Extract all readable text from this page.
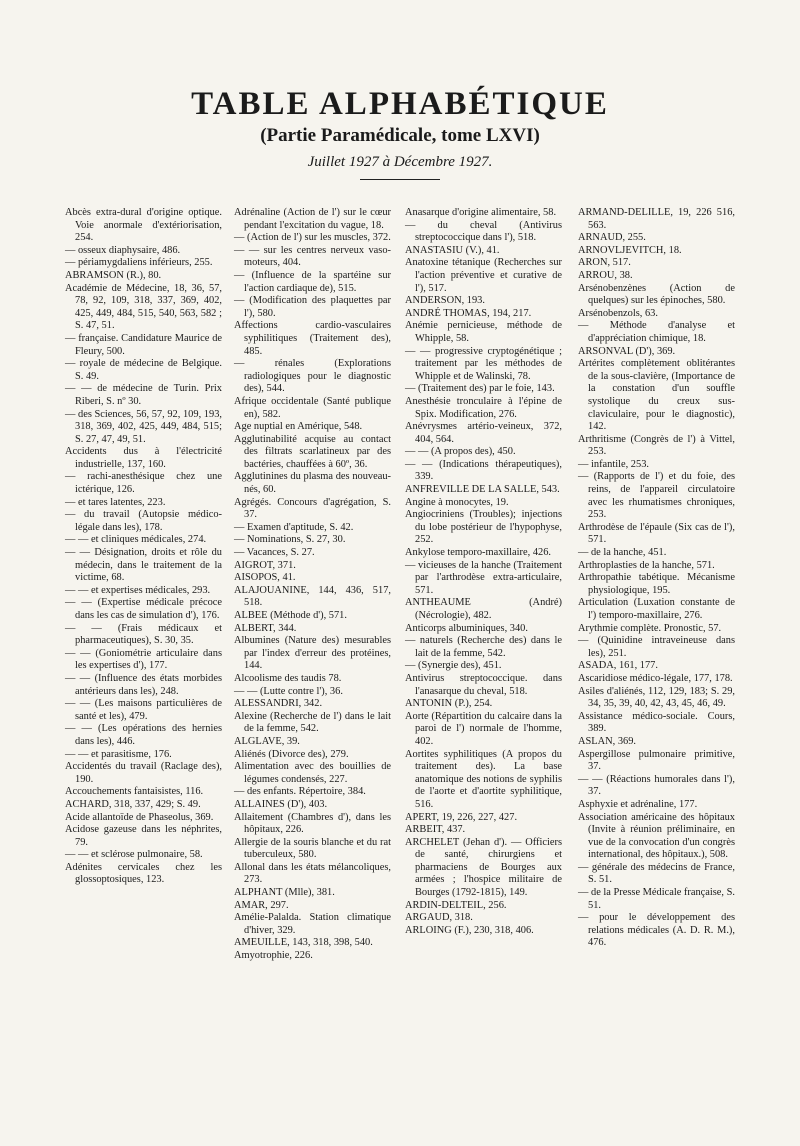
TABLE ALPHABÉTIQUE
(Partie Paramédicale, tome LXVI)
Juillet 1927 à Décembre 1927.

Abcès extra-dural d'origine optique. Voie anormale d'extériorisation, 254.

— osseux diaphysaire, 486.

— périamygdaliens inférieurs, 255.

ABRAMSON (R.), 80.

Académie de Médecine, 18, 36, 57, 78, 92, 109, 318, 337, 369, 402, 425, 449, 484, 515, 540, 563, 582 ; S. 47, 51.

— française. Candidature Maurice de Fleury, 500.

— royale de médecine de Belgique. S. 49.

— — de médecine de Turin. Prix Riberi, S. nº 30.

— des Sciences, 56, 57, 92, 109, 193, 318, 369, 402, 425, 449, 484, 515; S. 27, 47, 49, 51.

Accidents dus à l'électricité industrielle, 137, 160.

— rachi-anesthésique chez une ictérique, 126.

— et tares latentes, 223.

— du travail (Autopsie médico-légale dans les), 178.

— — et cliniques médicales, 274.

— — Désignation, droits et rôle du médecin, dans le traitement de la victime, 68.

— — et expertises médicales, 293.

— — (Expertise médicale précoce dans les cas de simulation d'), 176.

— — (Frais médicaux et pharmaceutiques), S. 30, 35.

— — (Goniométrie articulaire dans les expertises d'), 177.

— — (Influence des états morbides antérieurs dans les), 248.

— — (Les maisons particulières de santé et les), 479.

— — (Les opérations des hernies dans les), 446.

— — et parasitisme, 176.

Accidentés du travail (Raclage des), 190.

Accouchements fantaisistes, 116.

ACHARD, 318, 337, 429; S. 49.

Acide allantoïde de Phaseolus, 369.

Acidose gazeuse dans les néphrites, 79.

— — et sclérose pulmonaire, 58.

Adénites cervicales chez les glossoptosiques, 123.

Adrénaline (Action de l') sur le cœur pendant l'excitation du vague, 18.

— (Action de l') sur les muscles, 372.

— — sur les centres nerveux vaso-moteurs, 404.

— (Influence de la spartéine sur l'action cardiaque de), 515.

— (Modification des plaquettes par l'), 580.

Affections cardio-vasculaires syphilitiques (Traitement des), 485.

— rénales (Explorations radiologiques pour le diagnostic des), 544.

Afrique occidentale (Santé publique en), 582.

Age nuptial en Amérique, 548.

Agglutinabilité acquise au contact des filtrats scarlatineux par des bactéries, chauffées à 60º, 36.

Agglutinines du plasma des nouveau-nés, 60.

Agrégés. Concours d'agrégation, S. 37.

— Examen d'aptitude, S. 42.

— Nominations, S. 27, 30.

— Vacances, S. 27.

AIGROT, 371.

AISOPOS, 41.

ALAJOUANINE, 144, 436, 517, 518.

ALBEE (Méthode d'), 571.

ALBERT, 344.

Albumines (Nature des) mesurables par l'index d'erreur des protéines, 144.

Alcoolisme des taudis 78.

— — (Lutte contre l'), 36.

ALESSANDRI, 342.

Alexine (Recherche de l') dans le lait de la femme, 542.

ALGLAVE, 39.

Aliénés (Divorce des), 279.

Alimentation avec des bouillies de légumes condensés, 227.

— des enfants. Répertoire, 384.

ALLAINES (D'), 403.

Allaitement (Chambres d'), dans les hôpitaux, 226.

Allergie de la souris blanche et du rat tuberculeux, 580.

Allonal dans les états mélancoliques, 273.

ALPHANT (Mlle), 381.

AMAR, 297.

Amélie-Palalda. Station climatique d'hiver, 329.

AMEUILLE, 143, 318, 398, 540.

Amyotrophie, 226.

Anasarque d'origine alimentaire, 58.

— du cheval (Antivirus streptococcique dans l'), 518.

ANASTASIU (V.), 41.

Anatoxine tétanique (Recherches sur l'action préventive et curative de l'), 517.

ANDERSON, 193.

ANDRÉ THOMAS, 194, 217.

Anémie pernicieuse, méthode de Whipple, 58.

— — progressive cryptogénétique ; traitement par les méthodes de Whipple et de Walinski, 78.

— (Traitement des) par le foie, 143.

Anesthésie tronculaire à l'épine de Spix. Modification, 276.

Anévrysmes artério-veineux, 372, 404, 564.

— — (A propos des), 450.

— — (Indications thérapeutiques), 339.

ANFREVILLE DE LA SALLE, 543.

Angine à monocytes, 19.

Angiocriniens (Troubles); injections du lobe postérieur de l'hypophyse, 252.

Ankylose temporo-maxillaire, 426.

— vicieuses de la hanche (Traitement par l'arthrodèse extra-articulaire, 571.

ANTHEAUME (André) (Nécrologie), 482.

Anticorps albuminiques, 340.

— naturels (Recherche des) dans le lait de la femme, 542.

— (Synergie des), 451.

Antivirus streptococcique. dans l'anasarque du cheval, 518.

ANTONIN (P.), 254.

Aorte (Répartition du calcaire dans la paroi de l') normale de l'homme, 402.

Aortites syphilitiques (A propos du traitement des). La base anatomique des notions de syphilis de l'aorte et d'aortite syphilitique, 516.

APERT, 19, 226, 227, 427.

ARBEIT, 437.

ARCHELET (Jehan d'). — Officiers de santé, chirurgiens et pharmaciens de Bourges aux armées ; l'hospice militaire de Bourges (1792-1815), 149.

ARDIN-DELTEIL, 256.

ARGAUD, 318.

ARLOING (F.), 230, 318, 406.

ARMAND-DELILLE, 19, 226 516, 563.

ARNAUD, 255.

ARNOVLJEVITCH, 18.

ARON, 517.

ARROU, 38.

Arsénobenzènes (Action de quelques) sur les épinoches, 580.

Arsénobenzols, 63.

— Méthode d'analyse et d'appréciation chimique, 18.

ARSONVAL (D'), 369.

Artérites complètement oblitérantes de la sous-clavière, (Importance de la constation d'un souffle systolique du creux sus-claviculaire, pour le diagnostic), 142.

Arthritisme (Congrès de l') à Vittel, 253.

— infantile, 253.

— (Rapports de l') et du foie, des reins, de l'appareil circulatoire avec les rhumatismes chroniques, 253.

Arthrodèse de l'épaule (Six cas de l'), 571.

— de la hanche, 451.

Arthroplasties de la hanche, 571.

Arthropathie tabétique. Mécanisme physiologique, 195.

Articulation (Luxation constante de l') temporo-maxillaire, 276.

Arythmie complète. Pronostic, 57.

— (Quinidine intraveineuse dans les), 251.

ASADA, 161, 177.

Ascaridiose médico-légale, 177, 178.

Asiles d'aliénés, 112, 129, 183; S. 29, 34, 35, 39, 40, 42, 43, 45, 46, 49.

Assistance médico-sociale. Cours, 389.

ASLAN, 369.

Aspergillose pulmonaire primitive, 37.

— — (Réactions humorales dans l'), 37.

Asphyxie et adrénaline, 177.

Association américaine des hôpitaux (Invite à réunion préliminaire, en vue de la convocation d'un congrès international, des hôpitaux.), 508.

— générale des médecins de France, S. 51.

— de la Presse Médicale française, S. 51.

— pour le développement des relations médicales (A. D. R. M.), 476.
